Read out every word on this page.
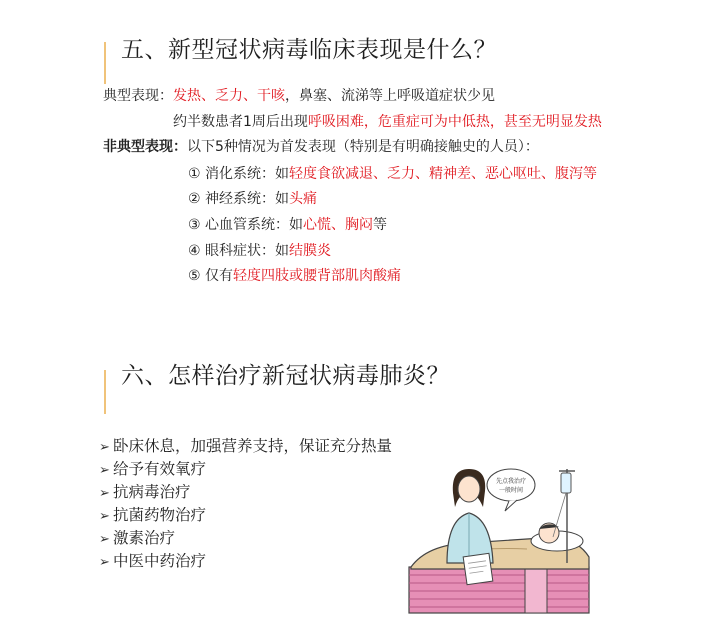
五、新型冠状病毒临床表现是什么？
典型表现：发热、乏力、干咳，鼻塞、流涕等上呼吸道症状少见
约半数患者1周后出现呼吸困难，危重症可为中低热，甚至无明显发热
非典型表现：以下5种情况为首发表现（特别是有明确接触史的人员）：
① 消化系统：如轻度食欲减退、乏力、精神差、恶心呕吐、腹泻等
② 神经系统：如头痛
③ 心血管系统：如心慌、胸闷等
④ 眼科症状：如结膜炎
⑤ 仅有轻度四肢或腰背部肌肉酸痛
六、怎样治疗新冠状病毒肺炎？
➢ 卧床休息，加强营养支持，保证充分热量
➢ 给予有效氧疗
➢ 抗病毒治疗
➢ 抗菌药物治疗
➢ 激素治疗
➢ 中医中药治疗
先点我治疗
一般时间
